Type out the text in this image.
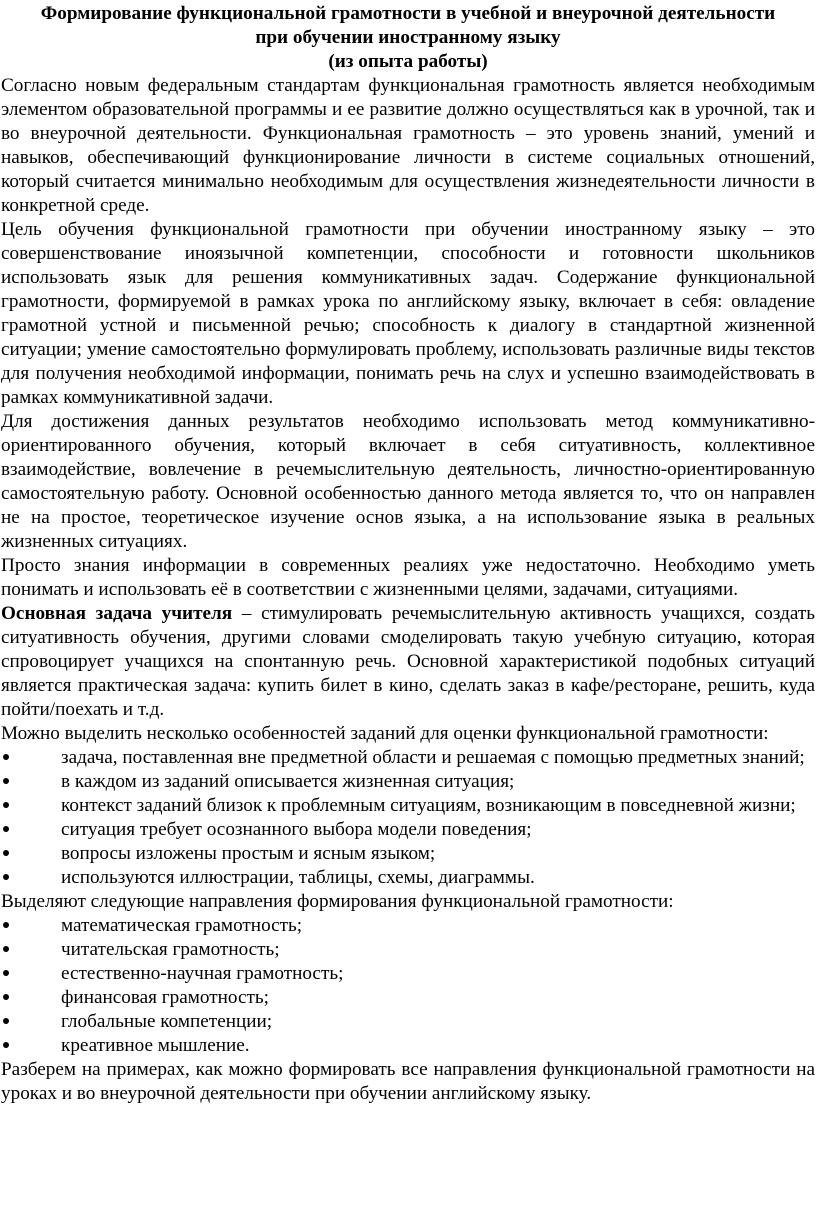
Формирование функциональной грамотности в учебной и внеурочной деятельности
при обучении иностранному языку
(из опыта работы)

Согласно новым федеральным стандартам функциональная грамотность является необходимым элементом образовательной программы и ее развитие должно осуществляться как в урочной, так и во внеурочной деятельности. Функциональная грамотность – это уровень знаний, умений и навыков, обеспечивающий функционирование личности в системе социальных отношений, который считается минимально необходимым для осуществления жизнедеятельности личности в конкретной среде.

Цель обучения функциональной грамотности при обучении иностранному языку – это совершенствование иноязычной компетенции, способности и готовности школьников использовать язык для решения коммуникативных задач. Содержание функциональной грамотности, формируемой в рамках урока по английскому языку, включает в себя: овладение грамотной устной и письменной речью; способность к диалогу в стандартной жизненной ситуации; умение самостоятельно формулировать проблему, использовать различные виды текстов для получения необходимой информации, понимать речь на слух и успешно взаимодействовать в рамках коммуникативной задачи.

Для достижения данных результатов необходимо использовать метод коммуникативно-ориентированного обучения, который включает в себя ситуативность, коллективное взаимодействие, вовлечение в речемыслительную деятельность, личностно-ориентированную самостоятельную работу. Основной особенностью данного метода является то, что он направлен не на простое, теоретическое изучение основ языка, а на использование языка в реальных жизненных ситуациях.

Просто знания информации в современных реалиях уже недостаточно. Необходимо уметь понимать и использовать её в соответствии с жизненными целями, задачами, ситуациями.

Основная задача учителя – стимулировать речемыслительную активность учащихся, создать ситуативность обучения, другими словами смоделировать такую учебную ситуацию, которая спровоцирует учащихся на спонтанную речь. Основной характеристикой подобных ситуаций является практическая задача: купить билет в кино, сделать заказ в кафе/ресторане, решить, куда пойти/поехать и т.д.

Можно выделить несколько особенностей заданий для оценки функциональной грамотности:

задача, поставленная вне предметной области и решаемая с помощью предметных знаний;
в каждом из заданий описывается жизненная ситуация;
контекст заданий близок к проблемным ситуациям, возникающим в повседневной жизни;
ситуация требует осознанного выбора модели поведения;
вопросы изложены простым и ясным языком;
используются иллюстрации, таблицы, схемы, диаграммы.

Выделяют следующие направления формирования функциональной грамотности:

математическая грамотность;
читательская грамотность;
естественно-научная грамотность;
финансовая грамотность;
глобальные компетенции;
креативное мышление.

Разберем на примерах, как можно формировать все направления функциональной грамотности на уроках и во внеурочной деятельности при обучении английскому языку.
